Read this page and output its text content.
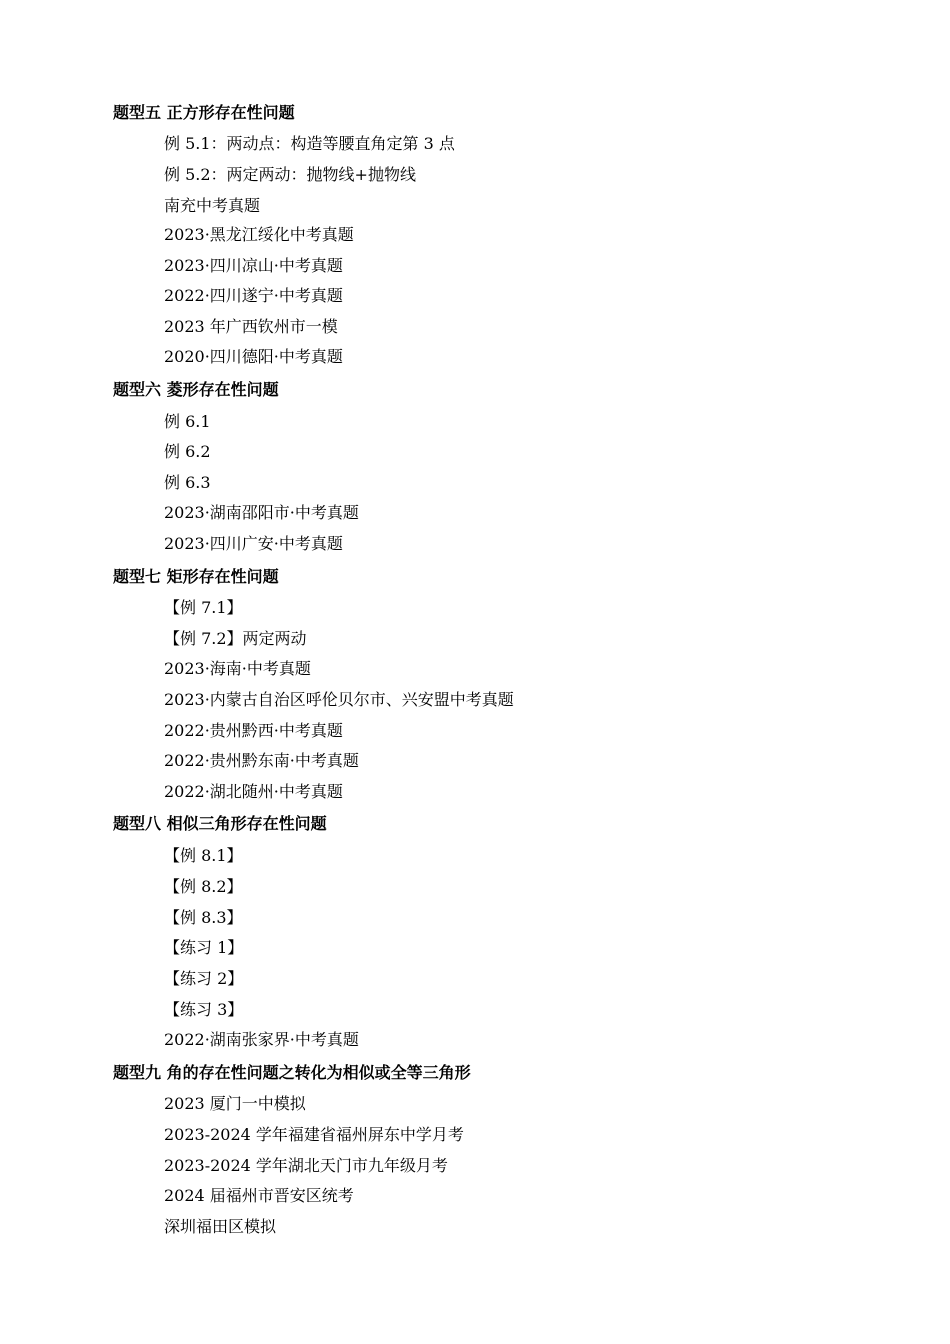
题型五 正方形存在性问题
例 5.1：两动点：构造等腰直角定第 3 点
例 5.2：两定两动：抛物线+抛物线
南充中考真题
2023·黑龙江绥化中考真题
2023·四川凉山·中考真题
2022·四川遂宁·中考真题
2023 年广西钦州市一模
2020·四川德阳·中考真题
题型六 菱形存在性问题
例 6.1
例 6.2
例 6.3
2023·湖南邵阳市·中考真题
2023·四川广安·中考真题
题型七 矩形存在性问题
【例 7.1】
【例 7.2】两定两动
2023·海南·中考真题
2023·内蒙古自治区呼伦贝尔市、兴安盟中考真题
2022·贵州黔西·中考真题
2022·贵州黔东南·中考真题
2022·湖北随州·中考真题
题型八 相似三角形存在性问题
【例 8.1】
【例 8.2】
【例 8.3】
【练习 1】
【练习 2】
【练习 3】
2022·湖南张家界·中考真题
题型九 角的存在性问题之转化为相似或全等三角形
2023 厦门一中模拟
2023-2024 学年福建省福州屏东中学月考
2023-2024 学年湖北天门市九年级月考
2024 届福州市晋安区统考
深圳福田区模拟
